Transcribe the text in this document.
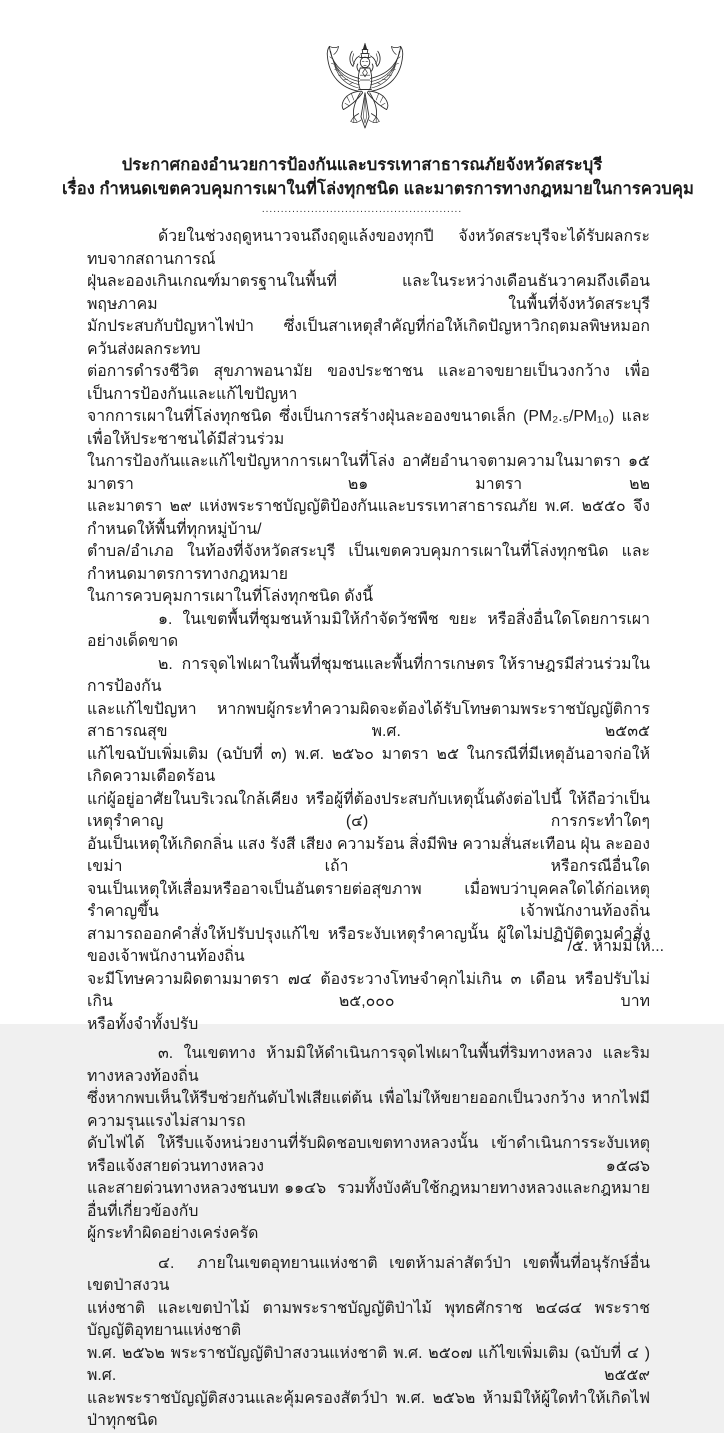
ประกาศกองอำนวยการป้องกันและบรรเทาสาธารณภัยจังหวัดสระบุรี
เรื่อง กำหนดเขตควบคุมการเผาในที่โล่งทุกชนิด และมาตรการทางกฎหมายในการควบคุม
.....................................................
ด้วยในช่วงฤดูหนาวจนถึงฤดูแล้งของทุกปี จังหวัดสระบุรีจะได้รับผลกระทบจากสถานการณ์
ฝุ่นละอองเกินเกณฑ์มาตรฐานในพื้นที่ และในระหว่างเดือนธันวาคมถึงเดือนพฤษภาคม ในพื้นที่จังหวัดสระบุรี
มักประสบกับปัญหาไฟป่า ซึ่งเป็นสาเหตุสำคัญที่ก่อให้เกิดปัญหาวิกฤตมลพิษหมอกควันส่งผลกระทบ
ต่อการดำรงชีวิต สุขภาพอนามัย ของประชาชน และอาจขยายเป็นวงกว้าง เพื่อเป็นการป้องกันและแก้ไขปัญหา
จากการเผาในที่โล่งทุกชนิด ซึ่งเป็นการสร้างฝุ่นละอองขนาดเล็ก (PM₂.₅/PM₁₀) และเพื่อให้ประชาชนได้มีส่วนร่วม
ในการป้องกันและแก้ไขปัญหาการเผาในที่โล่ง อาศัยอำนาจตามความในมาตรา ๑๕  มาตรา  ๒๑ มาตรา ๒๒
และมาตรา ๒๙ แห่งพระราชบัญญัติป้องกันและบรรเทาสาธารณภัย พ.ศ. ๒๕๕๐ จึงกำหนดให้พื้นที่ทุกหมู่บ้าน/
ตำบล/อำเภอ ในท้องที่จังหวัดสระบุรี เป็นเขตควบคุมการเผาในที่โล่งทุกชนิด และกำหนดมาตรการทางกฎหมาย
ในการควบคุมการเผาในที่โล่งทุกชนิด ดังนี้
๑. ในเขตพื้นที่ชุมชนห้ามมิให้กำจัดวัชพืช ขยะ หรือสิ่งอื่นใดโดยการเผาอย่างเด็ดขาด
๒.  การจุดไฟเผาในพื้นที่ชุมชนและพื้นที่การเกษตร ให้ราษฎรมีส่วนร่วมในการป้องกัน
และแก้ไขปัญหา หากพบผู้กระทำความผิดจะต้องได้รับโทษตามพระราชบัญญัติการสาธารณสุข พ.ศ. ๒๕๓๕
แก้ไขฉบับเพิ่มเติม (ฉบับที่ ๓) พ.ศ. ๒๕๖๐ มาตรา ๒๕ ในกรณีที่มีเหตุอันอาจก่อให้เกิดความเดือดร้อน
แก่ผู้อยู่อาศัยในบริเวณใกล้เคียง หรือผู้ที่ต้องประสบกับเหตุนั้นดังต่อไปนี้ ให้ถือว่าเป็นเหตุรำคาญ (๔) การกระทำใดๆ
อันเป็นเหตุให้เกิดกลิ่น แสง รังสี เสียง ความร้อน สิ่งมีพิษ ความสั่นสะเทือน ฝุ่น ละออง เขม่า เถ้า หรือกรณีอื่นใด
จนเป็นเหตุให้เสื่อมหรืออาจเป็นอันตรายต่อสุขภาพ เมื่อพบว่าบุคคลใดได้ก่อเหตุรำคาญขึ้น เจ้าพนักงานท้องถิ่น
สามารถออกคำสั่งให้ปรับปรุงแก้ไข หรือระงับเหตุรำคาญนั้น ผู้ใดไม่ปฏิบัติตามคำสั่งของเจ้าพนักงานท้องถิ่น
จะมีโทษความผิดตามมาตรา ๗๔ ต้องระวางโทษจำคุกไม่เกิน ๓ เดือน หรือปรับไม่เกิน ๒๕,๐๐๐ บาท
หรือทั้งจำทั้งปรับ
๓. ในเขตทาง ห้ามมิให้ดำเนินการจุดไฟเผาในพื้นที่ริมทางหลวง และริมทางหลวงท้องถิ่น
ซึ่งหากพบเห็นให้รีบช่วยกันดับไฟเสียแต่ต้น เพื่อไม่ให้ขยายออกเป็นวงกว้าง หากไฟมีความรุนแรงไม่สามารถ
ดับไฟได้ ให้รีบแจ้งหน่วยงานที่รับผิดชอบเขตทางหลวงนั้น เข้าดำเนินการระงับเหตุ หรือแจ้งสายด่วนทางหลวง ๑๕๘๖
และสายด่วนทางหลวงชนบท ๑๑๔๖  รวมทั้งบังคับใช้กฎหมายทางหลวงและกฎหมายอื่นที่เกี่ยวข้องกับ
ผู้กระทำผิดอย่างเคร่งครัด
๔.  ภายในเขตอุทยานแห่งชาติ เขตห้ามล่าสัตว์ป่า เขตพื้นที่อนุรักษ์อื่น เขตป่าสงวน
แห่งชาติ และเขตป่าไม้ ตามพระราชบัญญัติป่าไม้ พุทธศักราช ๒๔๘๔ พระราชบัญญัติอุทยานแห่งชาติ
พ.ศ. ๒๕๖๒ พระราชบัญญัติป่าสงวนแห่งชาติ พ.ศ. ๒๕๐๗ แก้ไขเพิ่มเติม (ฉบับที่ ๔ ) พ.ศ. ๒๕๕๙
และพระราชบัญญัติสงวนและคุ้มครองสัตว์ป่า พ.ศ. ๒๕๖๒ ห้ามมิให้ผู้ใดทำให้เกิดไฟป่าทุกชนิด
/๕. ห้ามมิให้...
